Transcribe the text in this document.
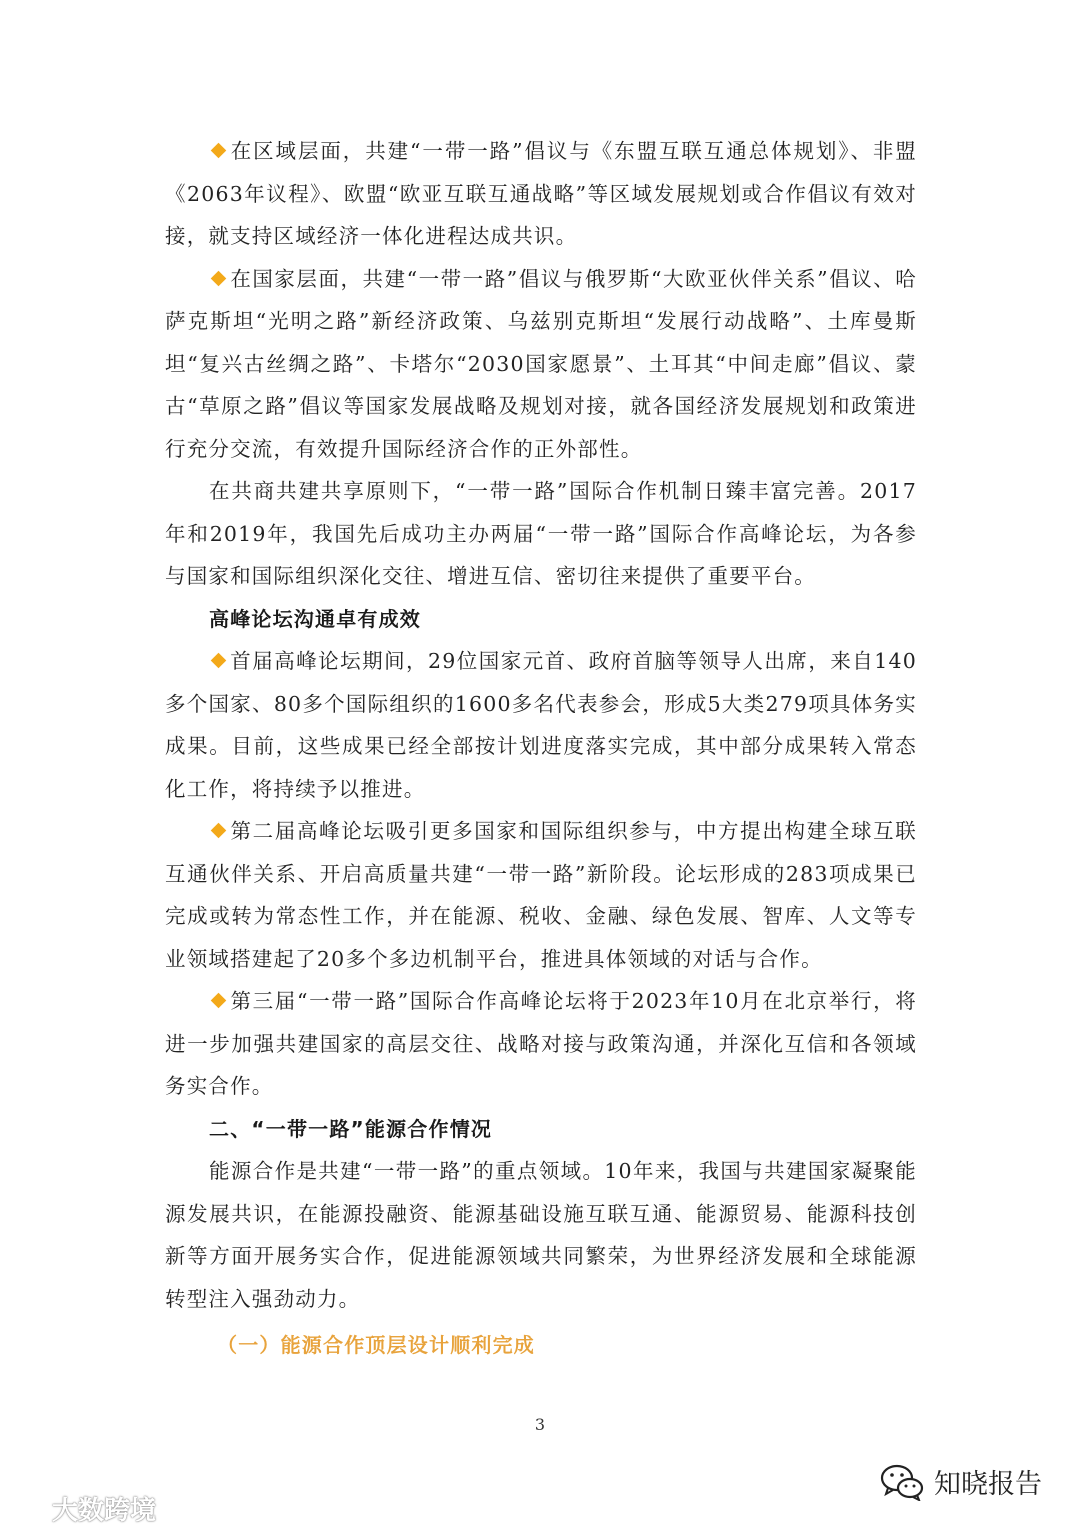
在区域层面，共建“一带一路”倡议与《东盟互联互通总体规划》、非盟《2063年议程》、欧盟“欧亚互联互通战略”等区域发展规划或合作倡议有效对接，就支持区域经济一体化进程达成共识。

在国家层面，共建“一带一路”倡议与俄罗斯“大欧亚伙伴关系”倡议、哈萨克斯坦“光明之路”新经济政策、乌兹别克斯坦“发展行动战略”、土库曼斯坦“复兴古丝绸之路”、卡塔尔“2030国家愿景”、土耳其“中间走廊”倡议、蒙古“草原之路”倡议等国家发展战略及规划对接，就各国经济发展规划和政策进行充分交流，有效提升国际经济合作的正外部性。

在共商共建共享原则下，“一带一路”国际合作机制日臻丰富完善。2017年和2019年，我国先后成功主办两届“一带一路”国际合作高峰论坛，为各参与国家和国际组织深化交往、增进互信、密切往来提供了重要平台。

高峰论坛沟通卓有成效

首届高峰论坛期间，29位国家元首、政府首脑等领导人出席，来自140多个国家、80多个国际组织的1600多名代表参会，形成5大类279项具体务实成果。目前，这些成果已经全部按计划进度落实完成，其中部分成果转入常态化工作，将持续予以推进。

第二届高峰论坛吸引更多国家和国际组织参与，中方提出构建全球互联互通伙伴关系、开启高质量共建“一带一路”新阶段。论坛形成的283项成果已完成或转为常态性工作，并在能源、税收、金融、绿色发展、智库、人文等专业领域搭建起了20多个多边机制平台，推进具体领域的对话与合作。

第三届“一带一路”国际合作高峰论坛将于2023年10月在北京举行，将进一步加强共建国家的高层交往、战略对接与政策沟通，并深化互信和各领域务实合作。

二、“一带一路”能源合作情况

能源合作是共建“一带一路”的重点领域。10年来，我国与共建国家凝聚能源发展共识，在能源投融资、能源基础设施互联互通、能源贸易、能源科技创新等方面开展务实合作，促进能源领域共同繁荣，为世界经济发展和全球能源转型注入强劲动力。

（一）能源合作顶层设计顺利完成
3
大数跨境
知晓报告
